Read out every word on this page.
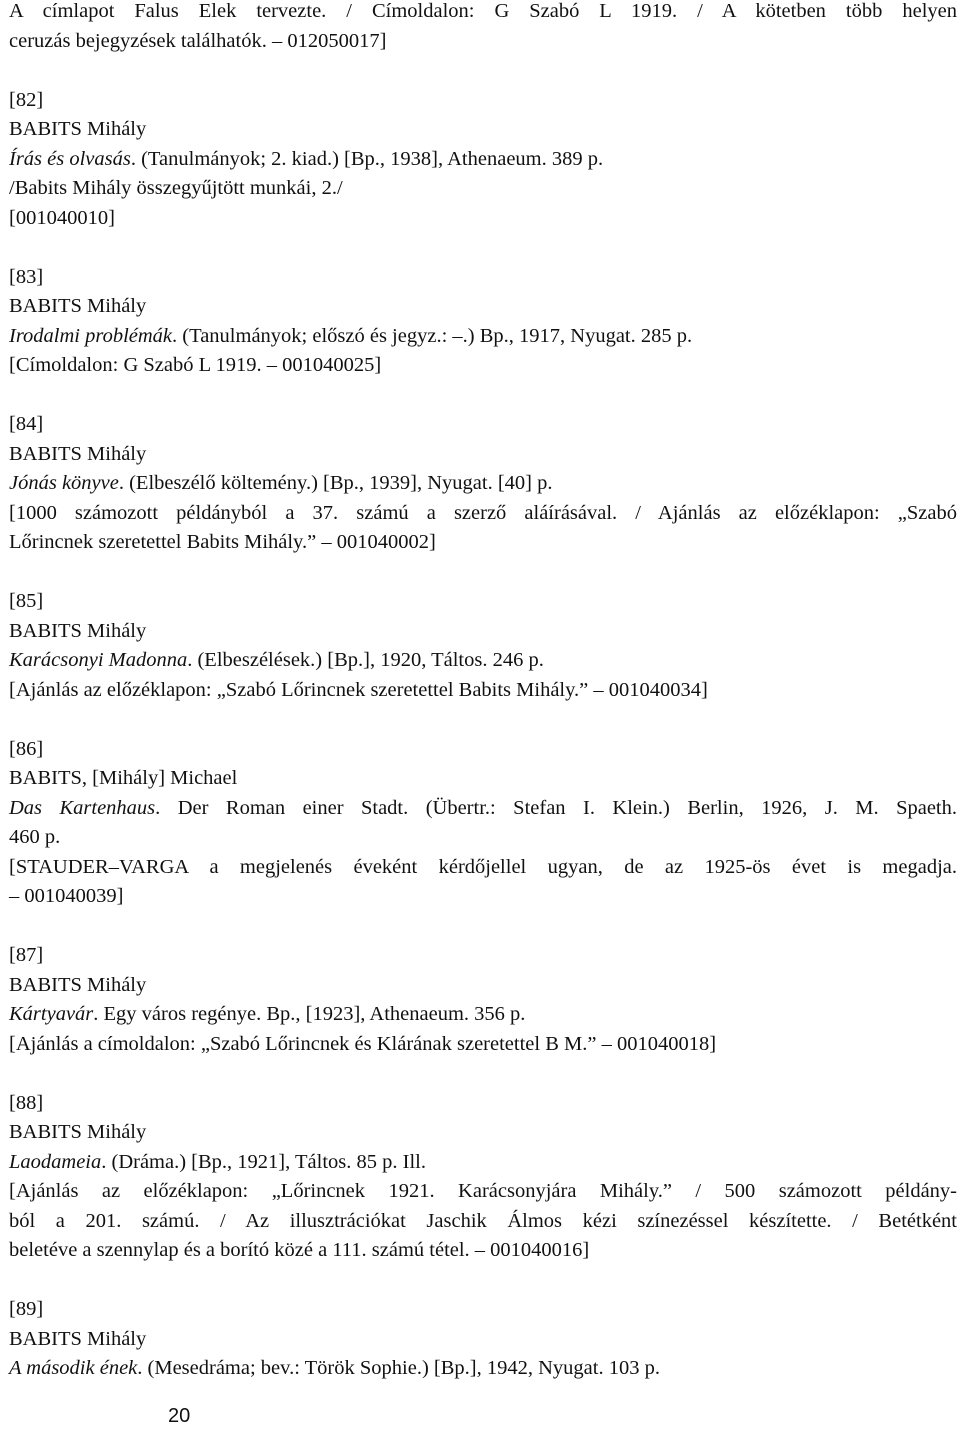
A címlapot Falus Elek tervezte. / Címoldalon: G Szabó L 1919. / A kötetben több helyen
ceruzás bejegyzések találhatók. – 012050017]
[82]
BABITS Mihály
Írás és olvasás. (Tanulmányok; 2. kiad.) [Bp., 1938], Athenaeum. 389 p.
/Babits Mihály összegyűjtött munkái, 2./
[001040010]
[83]
BABITS Mihály
Irodalmi problémák. (Tanulmányok; előszó és jegyz.: –.) Bp., 1917, Nyugat. 285 p.
[Címoldalon: G Szabó L 1919. – 001040025]
[84]
BABITS Mihály
Jónás könyve. (Elbeszélő költemény.) [Bp., 1939], Nyugat. [40] p.
[1000 számozott példányból a 37. számú a szerző aláírásával. / Ajánlás az előzéklapon: „Szabó
Lőrincnek szeretettel Babits Mihály.” – 001040002]
[85]
BABITS Mihály
Karácsonyi Madonna. (Elbeszélések.) [Bp.], 1920, Táltos. 246 p.
[Ajánlás az előzéklapon: „Szabó Lőrincnek szeretettel Babits Mihály.” – 001040034]
[86]
BABITS, [Mihály] Michael
Das Kartenhaus. Der Roman einer Stadt. (Übertr.: Stefan I. Klein.) Berlin, 1926, J. M. Spaeth.
460 p.
[STAUDER–VARGA a megjelenés éveként kérdőjellel ugyan, de az 1925-ös évet is megadja.
– 001040039]
[87]
BABITS Mihály
Kártyavár. Egy város regénye. Bp., [1923], Athenaeum. 356 p.
[Ajánlás a címoldalon: „Szabó Lőrincnek és Klárának szeretettel B M.” – 001040018]
[88]
BABITS Mihály
Laodameia. (Dráma.) [Bp., 1921], Táltos. 85 p. Ill.
[Ajánlás az előzéklapon: „Lőrincnek 1921. Karácsonyjára Mihály.” / 500 számozott példány-
ból a 201. számú. / Az illusztrációkat Jaschik Álmos kézi színezéssel készítette. / Betétként
beletéve a szennylap és a borító közé a 111. számú tétel. – 001040016]
[89]
BABITS Mihály
A második ének. (Mesedráma; bev.: Török Sophie.) [Bp.], 1942, Nyugat. 103 p.
20
